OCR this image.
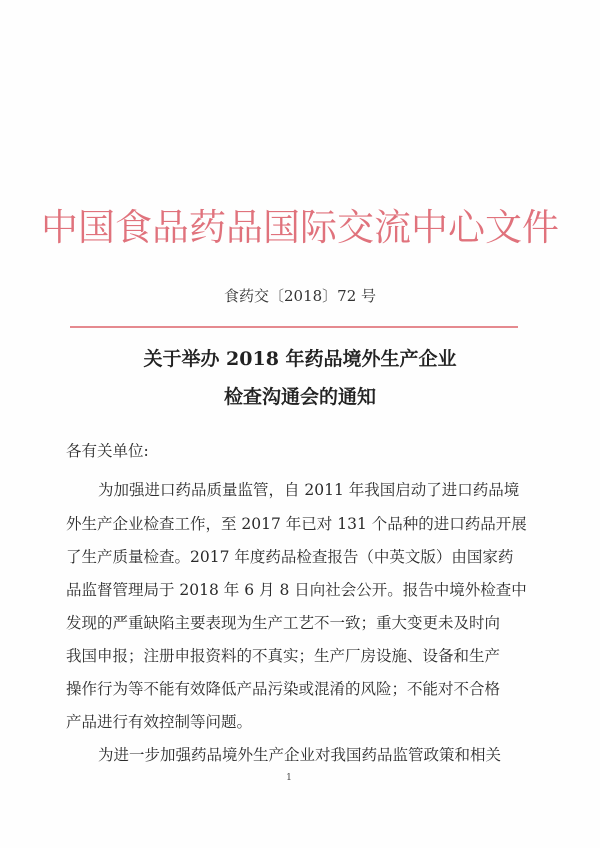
中国食品药品国际交流中心文件
食药交〔2018〕72 号
关于举办 2018 年药品境外生产企业
检查沟通会的通知
各有关单位:
为加强进口药品质量监管，自 2011 年我国启动了进口药品境
外生产企业检查工作，至 2017 年已对 131 个品种的进口药品开展
了生产质量检查。2017 年度药品检查报告（中英文版）由国家药
品监督管理局于 2018 年 6 月 8 日向社会公开。报告中境外检查中
发现的严重缺陷主要表现为生产工艺不一致；重大变更未及时向
我国申报；注册申报资料的不真实；生产厂房设施、设备和生产
操作行为等不能有效降低产品污染或混淆的风险；不能对不合格
产品进行有效控制等问题。
为进一步加强药品境外生产企业对我国药品监管政策和相关
1
